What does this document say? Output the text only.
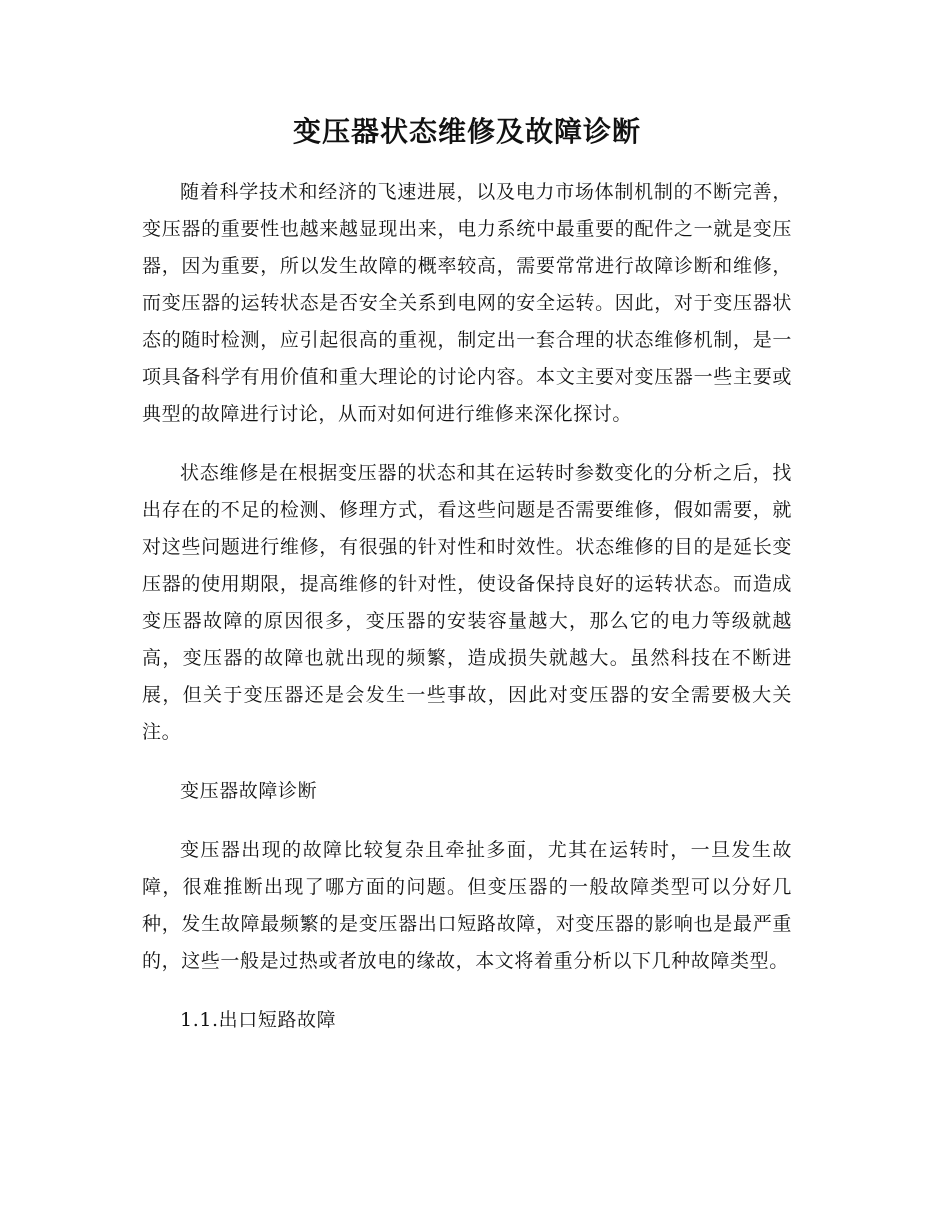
变压器状态维修及故障诊断

随着科学技术和经济的飞速进展，以及电力市场体制机制的不断完善，变压器的重要性也越来越显现出来，电力系统中最重要的配件之一就是变压器，因为重要，所以发生故障的概率较高，需要常常进行故障诊断和维修，而变压器的运转状态是否安全关系到电网的安全运转。因此，对于变压器状态的随时检测，应引起很高的重视，制定出一套合理的状态维修机制，是一项具备科学有用价值和重大理论的讨论内容。本文主要对变压器一些主要或典型的故障进行讨论，从而对如何进行维修来深化探讨。

状态维修是在根据变压器的状态和其在运转时参数变化的分析之后，找出存在的不足的检测、修理方式，看这些问题是否需要维修，假如需要，就对这些问题进行维修，有很强的针对性和时效性。状态维修的目的是延长变压器的使用期限，提高维修的针对性，使设备保持良好的运转状态。而造成变压器故障的原因很多，变压器的安装容量越大，那么它的电力等级就越高，变压器的故障也就出现的频繁，造成损失就越大。虽然科技在不断进展，但关于变压器还是会发生一些事故，因此对变压器的安全需要极大关注。

变压器故障诊断

变压器出现的故障比较复杂且牵扯多面，尤其在运转时，一旦发生故障，很难推断出现了哪方面的问题。但变压器的一般故障类型可以分好几种，发生故障最频繁的是变压器出口短路故障，对变压器的影响也是最严重的，这些一般是过热或者放电的缘故，本文将着重分析以下几种故障类型。

1.1.出口短路故障
